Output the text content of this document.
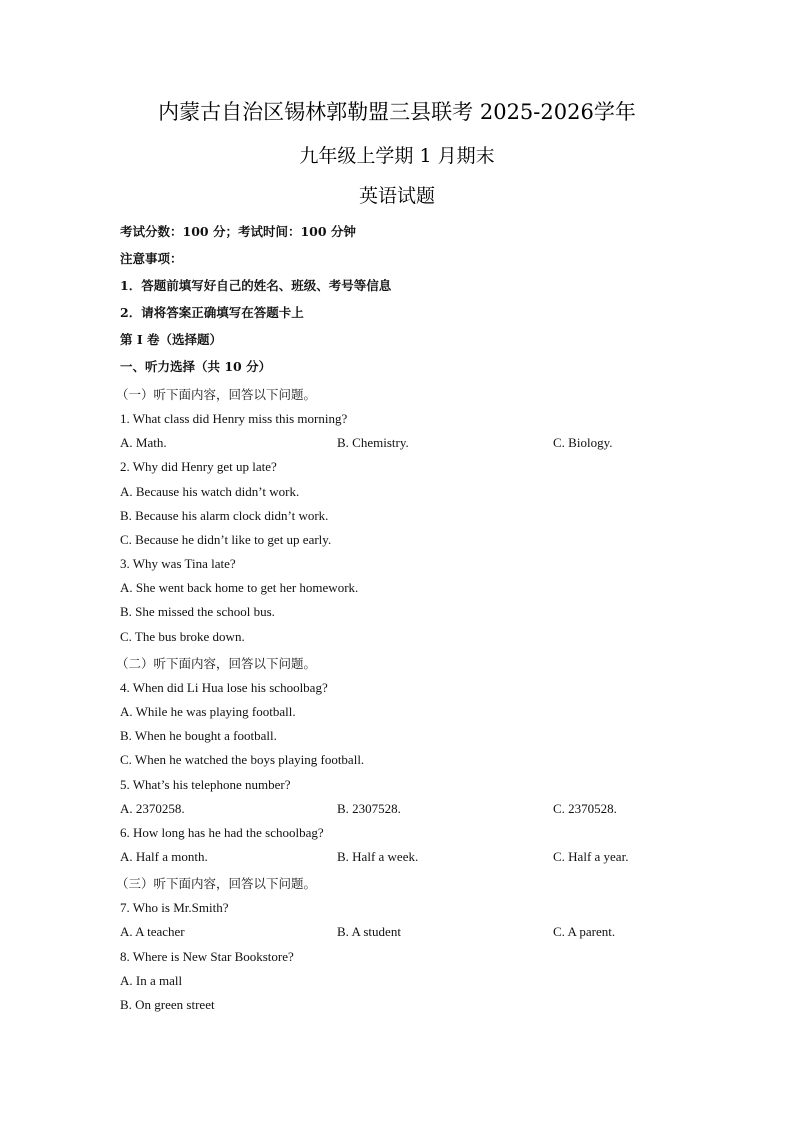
内蒙古自治区锡林郭勒盟三县联考 2025-2026学年
九年级上学期 1 月期末
英语试题
考试分数：100 分；考试时间：100 分钟
注意事项：
1．答题前填写好自己的姓名、班级、考号等信息
2．请将答案正确填写在答题卡上
第 I 卷（选择题）
一、听力选择（共 10 分）
（一）听下面内容，回答以下问题。
1. What class did Henry miss this morning?
A. Math.	B. Chemistry.	C. Biology.
2. Why did Henry get up late?
A. Because his watch didn’t work.
B. Because his alarm clock didn’t work.
C. Because he didn’t like to get up early.
3. Why was Tina late?
A. She went back home to get her homework.
B. She missed the school bus.
C. The bus broke down.
（二）听下面内容，回答以下问题。
4. When did Li Hua lose his schoolbag?
A. While he was playing football.
B. When he bought a football.
C. When he watched the boys playing football.
5. What’s his telephone number?
A. 2370258.	B. 2307528.	C. 2370528.
6. How long has he had the schoolbag?
A. Half a month.	B. Half a week.	C. Half a year.
（三）听下面内容，回答以下问题。
7. Who is Mr.Smith?
A. A teacher	B. A student	C. A parent.
8. Where is New Star Bookstore?
A. In a mall
B. On green street
